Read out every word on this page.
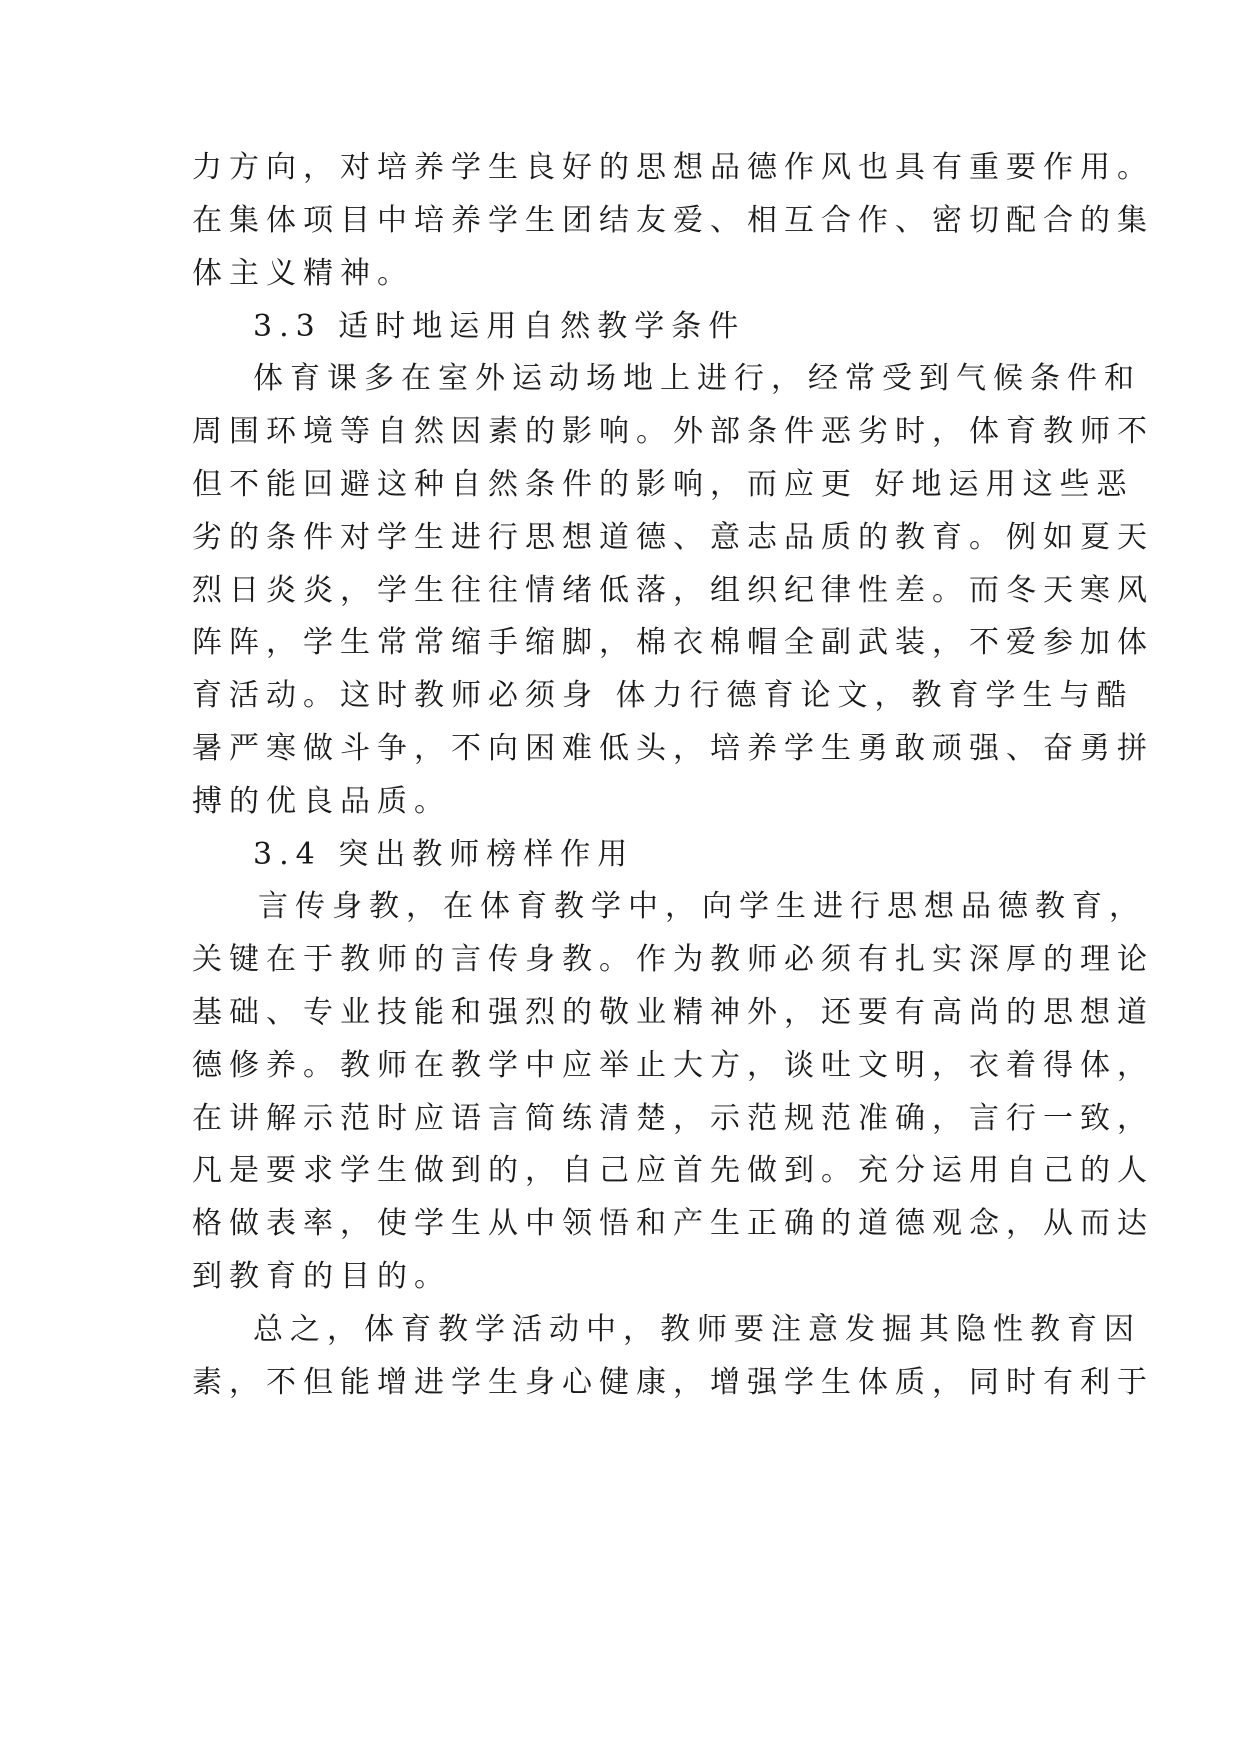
力方向，对培养学生良好的思想品德作风也具有重要作用。
在集体项目中培养学生团结友爱、相互合作、密切配合的集
体主义精神。
3.3 适时地运用自然教学条件
体育课多在室外运动场地上进行，经常受到气候条件和
周围环境等自然因素的影响。外部条件恶劣时，体育教师不
但不能回避这种自然条件的影响，而应更 好地运用这些恶
劣的条件对学生进行思想道德、意志品质的教育。例如夏天
烈日炎炎，学生往往情绪低落，组织纪律性差。而冬天寒风
阵阵，学生常常缩手缩脚，棉衣棉帽全副武装，不爱参加体
育活动。这时教师必须身 体力行德育论文，教育学生与酷
暑严寒做斗争，不向困难低头，培养学生勇敢顽强、奋勇拼
搏的优良品质。
3.4 突出教师榜样作用
言传身教，在体育教学中，向学生进行思想品德教育，
关键在于教师的言传身教。作为教师必须有扎实深厚的理论
基础、专业技能和强烈的敬业精神外，还要有高尚的思想道
德修养。教师在教学中应举止大方，谈吐文明，衣着得体，
在讲解示范时应语言简练清楚，示范规范准确，言行一致，
凡是要求学生做到的，自己应首先做到。充分运用自己的人
格做表率，使学生从中领悟和产生正确的道德观念，从而达
到教育的目的。
总之，体育教学活动中，教师要注意发掘其隐性教育因
素，不但能增进学生身心健康，增强学生体质，同时有利于
